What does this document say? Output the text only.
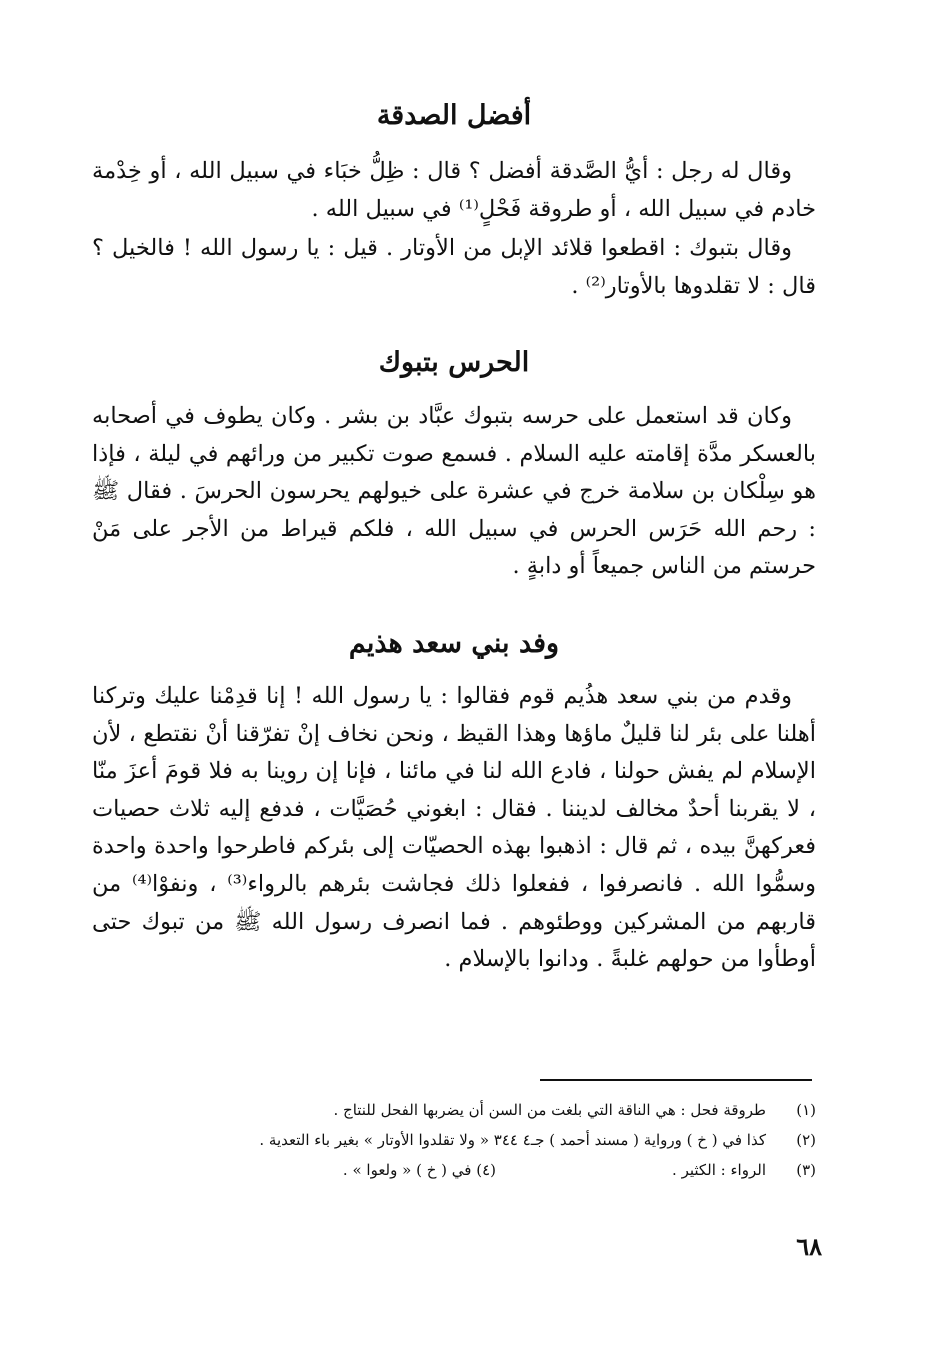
أفضل الصدقة

وقال له رجل : أيُّ الصَّدقة أفضل ؟ قال : ظِلُّ خبَاء في سبيل الله ، أو خِدْمة خادم في سبيل الله ، أو طروقة فَحْلٍ⁽¹⁾ في سبيل الله .

وقال بتبوك : اقطعوا قلائد الإبل من الأوتار . قيل : يا رسول الله ! فالخيل ؟ قال : لا تقلدوها بالأوتار⁽²⁾ .

الحرس بتبوك

وكان قد استعمل على حرسه بتبوك عبَّاد بن بشر . وكان يطوف في أصحابه بالعسكر مدَّة إقامته عليه السلام . فسمع صوت تكبير من ورائهم في ليلة ، فإذا هو سِلْكان بن سلامة خرج في عشرة على خيولهم يحرسون الحرسَ . فقال ﷺ : رحم الله حَرَس الحرس في سبيل الله ، فلكم قيراط من الأجر على مَنْ حرستم من الناس جميعاً أو دابةٍ .

وفد بني سعد هذيم

وقدم من بني سعد هذُيم قوم فقالوا : يا رسول الله ! إنا قدِمْنا عليك وتركنا أهلنا على بئر لنا قليلٌ ماؤها وهذا القيظ ، ونحن نخاف إنْ تفرّقنا أنْ نقتطع ، لأن الإسلام لم يفش حولنا ، فادع الله لنا في مائنا ، فإنا إن روينا به فلا قومَ أعزَ منّا ، لا يقربنا أحدٌ مخالف لديننا . فقال : ابغوني حُصَيَّات ، فدفع إليه ثلاث حصيات فعركهنَّ بيده ، ثم قال : اذهبوا بهذه الحصيّات إلى بئركم فاطرحوا واحدة واحدة وسمُّوا الله . فانصرفوا ، ففعلوا ذلك فجاشت بئرهم بالرواء⁽³⁾ ، ونفوْا⁽⁴⁾ من قاربهم من المشركين ووطئوهم . فما انصرف رسول الله ﷺ من تبوك حتى أوطأوا من حولهم غلبةً . ودانوا بالإسلام .

(١)
طروقة فحل : هي الناقة التي بلغت من السن أن يضربها الفحل للنتاج .
(٢)
كذا في ( خ ) ورواية ( مسند أحمد ) جـ٤ ٣٤٤ « ولا تقلدوا الأوتار » بغير باء التعدية .
(٣)
الرواء : الكثير .
(٤) في ( خ ) « ولعوا » .
٦٨
